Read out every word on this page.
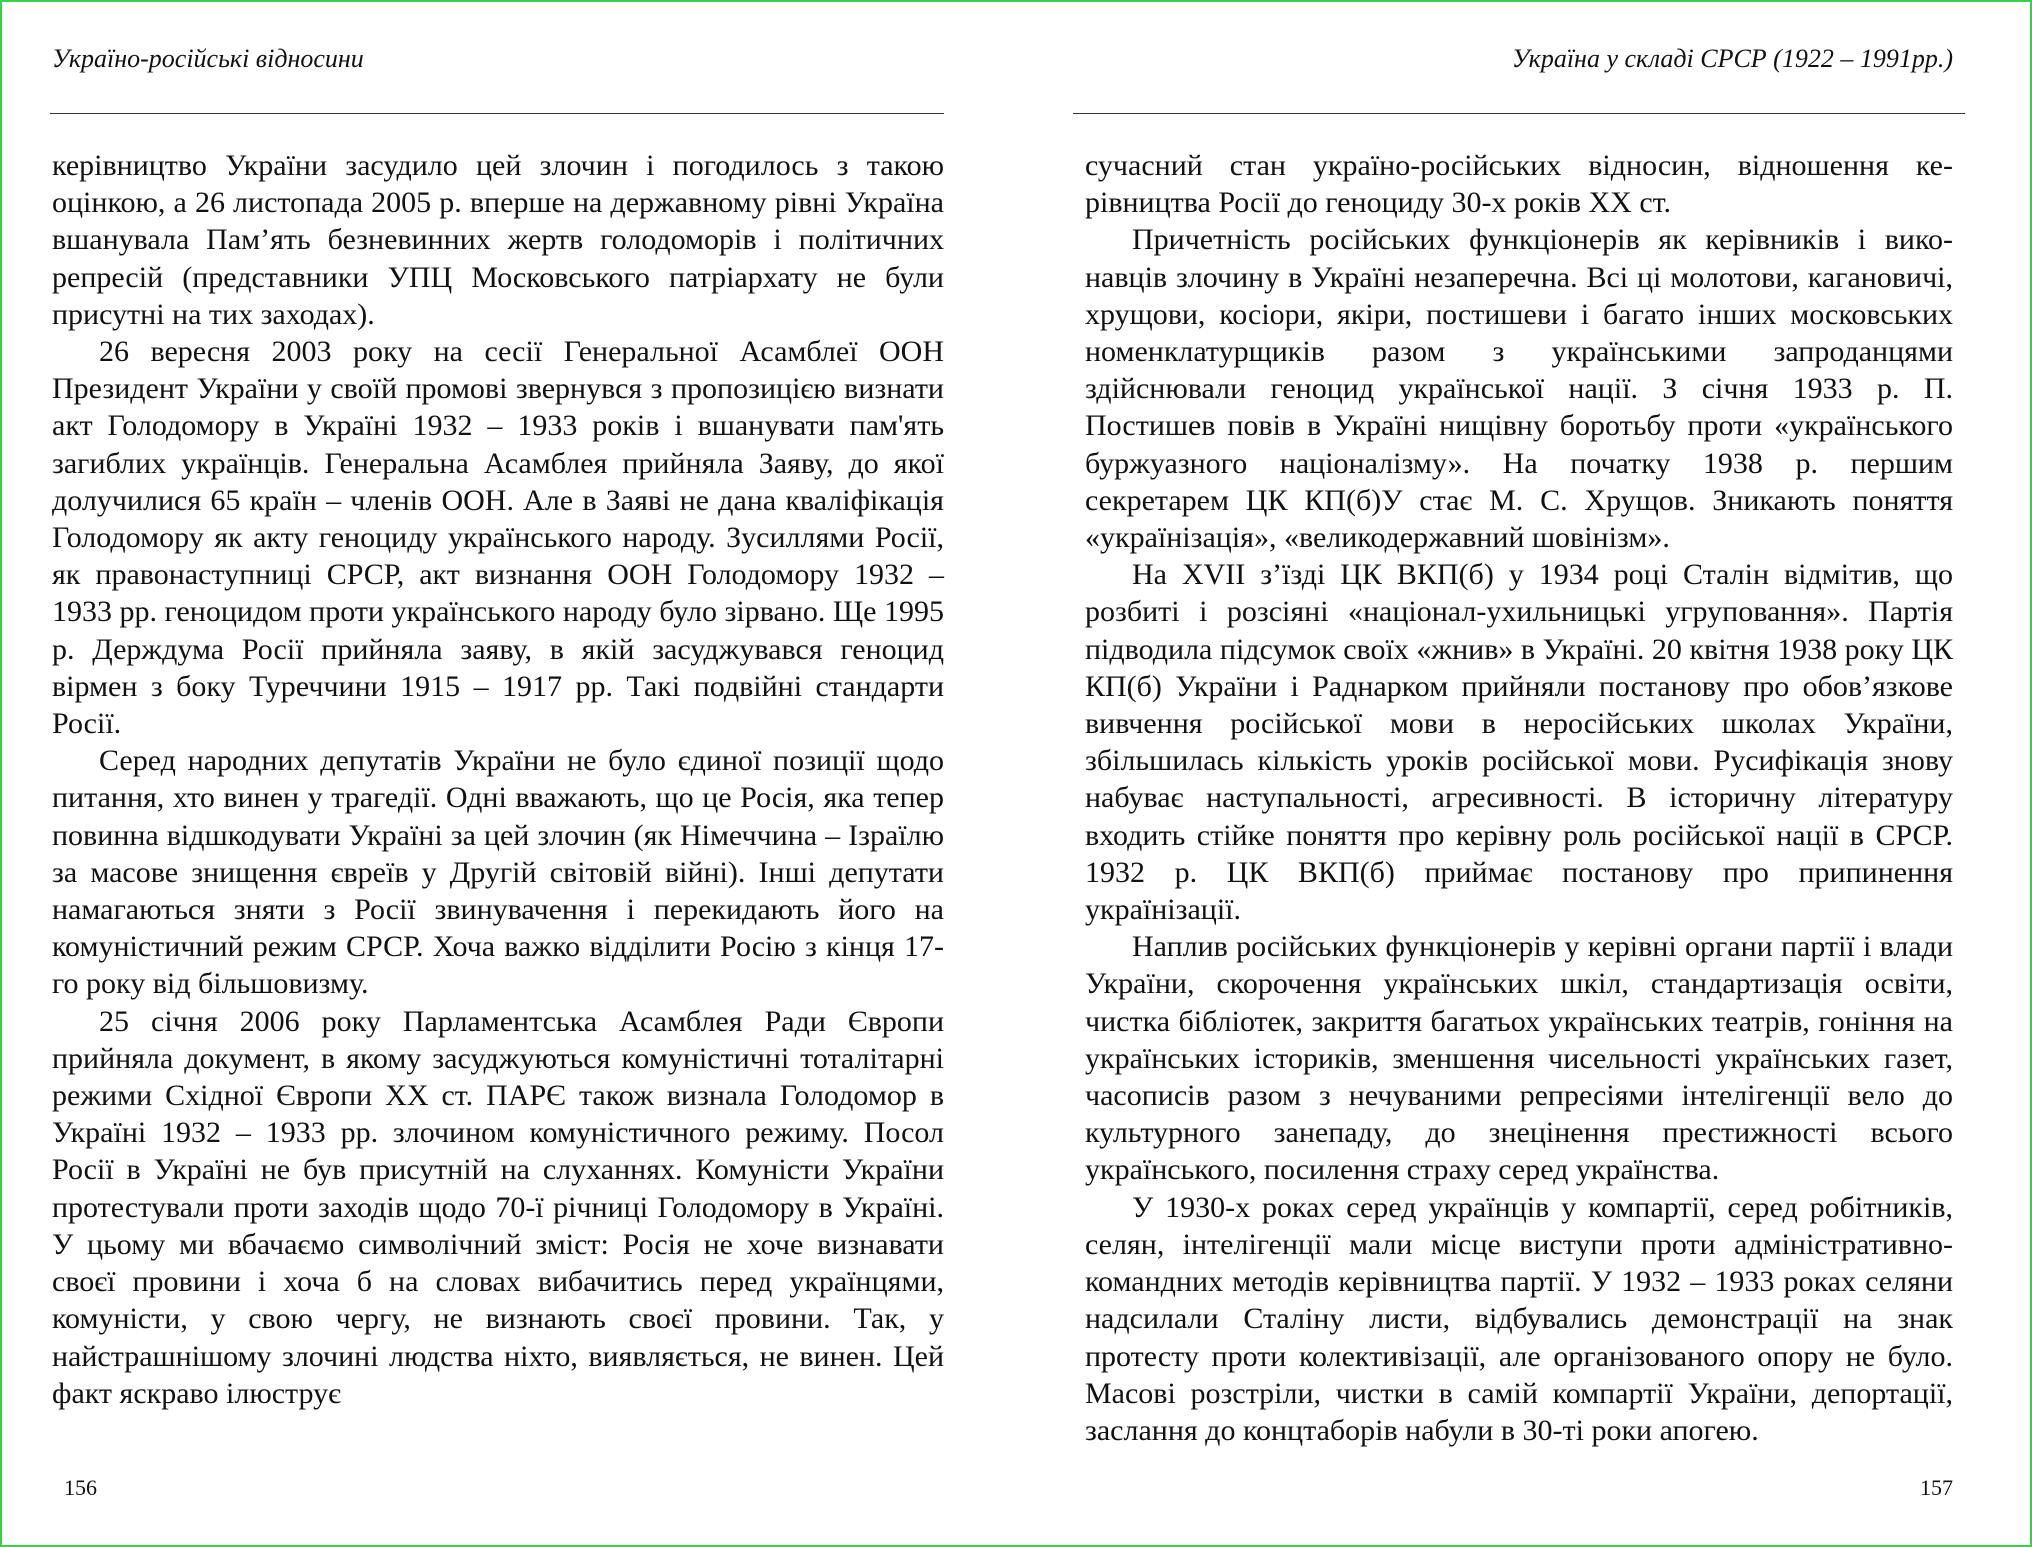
Україно-російські відносини

керівництво України засудило цей злочин і погодилось з такою оцінкою, а 26 листопада 2005 р. вперше на державному рівні Україна вшанувала Пам’ять безневинних жертв голодоморів і політичних репресій (представники УПЦ Московського патріархату не були присутні на тих заходах).

26 вересня 2003 року на сесії Генеральної Асамблеї ООН Президент України у своїй промові звернувся з пропозицією визнати акт Голодомору в Україні 1932 – 1933 років і вшанувати пам'ять загиблих українців. Генеральна Асамблея прийняла Заяву, до якої долучилися 65 країн – членів ООН. Але в Заяві не дана кваліфікація Голодомору як акту геноциду українського народу. Зусиллями Росії, як правонаступниці СРСР, акт визнання ООН Голодомору 1932 – 1933 рр. геноцидом проти українського народу було зірвано. Ще 1995 р. Держдума Росії прийняла заяву, в якій засуджувався геноцид вірмен з боку Туреччини 1915 – 1917 рр. Такі подвійні стандарти Росії.

Серед народних депутатів України не було єдиної позиції щодо питання, хто винен у трагедії. Одні вважають, що це Росія, яка тепер повинна відшкодувати Україні за цей злочин (як Німеччина – Ізраїлю за масове знищення євреїв у Другій світовій війні). Інші депутати намагаються зняти з Росії звинувачення і перекидають його на комуністичний режим СРСР. Хоча важко відділити Росію з кінця 17-го року від більшовизму.

25 січня 2006 року Парламентська Асамблея Ради Європи прийняла документ, в якому засуджуються комуністичні тоталітарні режими Східної Європи ХХ ст. ПАРЄ також визнала Голодомор в Україні 1932 – 1933 рр. злочином комуністичного режиму. Посол Росії в Україні не був присутній на слуханнях. Комуністи України протестували проти заходів щодо 70-ї річниці Голодомору в Україні. У цьому ми вбачаємо символічний зміст: Росія не хоче визнавати своєї провини і хоча б на словах вибачитись перед українцями, комуністи, у свою чергу, не визнають своєї провини. Так, у найстрашнішому злочині людства ніхто, виявляється, не винен. Цей факт яскраво ілюструє

156
Україна у складі СРСР (1922 – 1991рр.)

сучасний стан україно-російських відносин, відношення керівництва Росії до геноциду 30-х років ХХ ст.

Причетність російських функціонерів як керівників і виконавців злочину в Україні незаперечна. Всі ці молотови, кагановичі, хрущови, косіори, якіри, постишеви і багато інших московських номенклатурщиків разом з українськими запроданцями здійснювали геноцид української нації. З січня 1933 р. П. Постишев повів в Україні нищівну боротьбу проти «українського буржуазного націоналізму». На початку 1938 р. першим секретарем ЦК КП(б)У стає М. С. Хрущов. Зникають поняття «українізація», «великодержавний шовінізм».

На XVII з’їзді ЦК ВКП(б) у 1934 році Сталін відмітив, що розбиті і розсіяні «націонал-ухильницькі угруповання». Партія підводила підсумок своїх «жнив» в Україні. 20 квітня 1938 року ЦК КП(б) України і Раднарком прийняли постанову про обов’язкове вивчення російської мови в неросійських школах України, збільшилась кількість уроків російської мови. Русифікація знову набуває наступальності, агресивності. В історичну літературу входить стійке поняття про керівну роль російської нації в СРСР. 1932 р. ЦК ВКП(б) приймає постанову про припинення українізації.

Наплив російських функціонерів у керівні органи партії і влади України, скорочення українських шкіл, стандартизація освіти, чистка бібліотек, закриття багатьох українських театрів, гоніння на українських істориків, зменшення чисельності українських газет, часописів разом з нечуваними репресіями інтелігенції вело до культурного занепаду, до знецінення престижності всього українського, посилення страху серед українства.

У 1930-х роках серед українців у компартії, серед робітників, селян, інтелігенції мали місце виступи проти адміністративно-командних методів керівництва партії. У 1932 – 1933 роках селяни надсилали Сталіну листи, відбувались демонстрації на знак протесту проти колективізації, але організованого опору не було. Масові розстріли, чистки в самій компартії України, депортації, заслання до концтаборів набули в 30-ті роки апогею.

157
